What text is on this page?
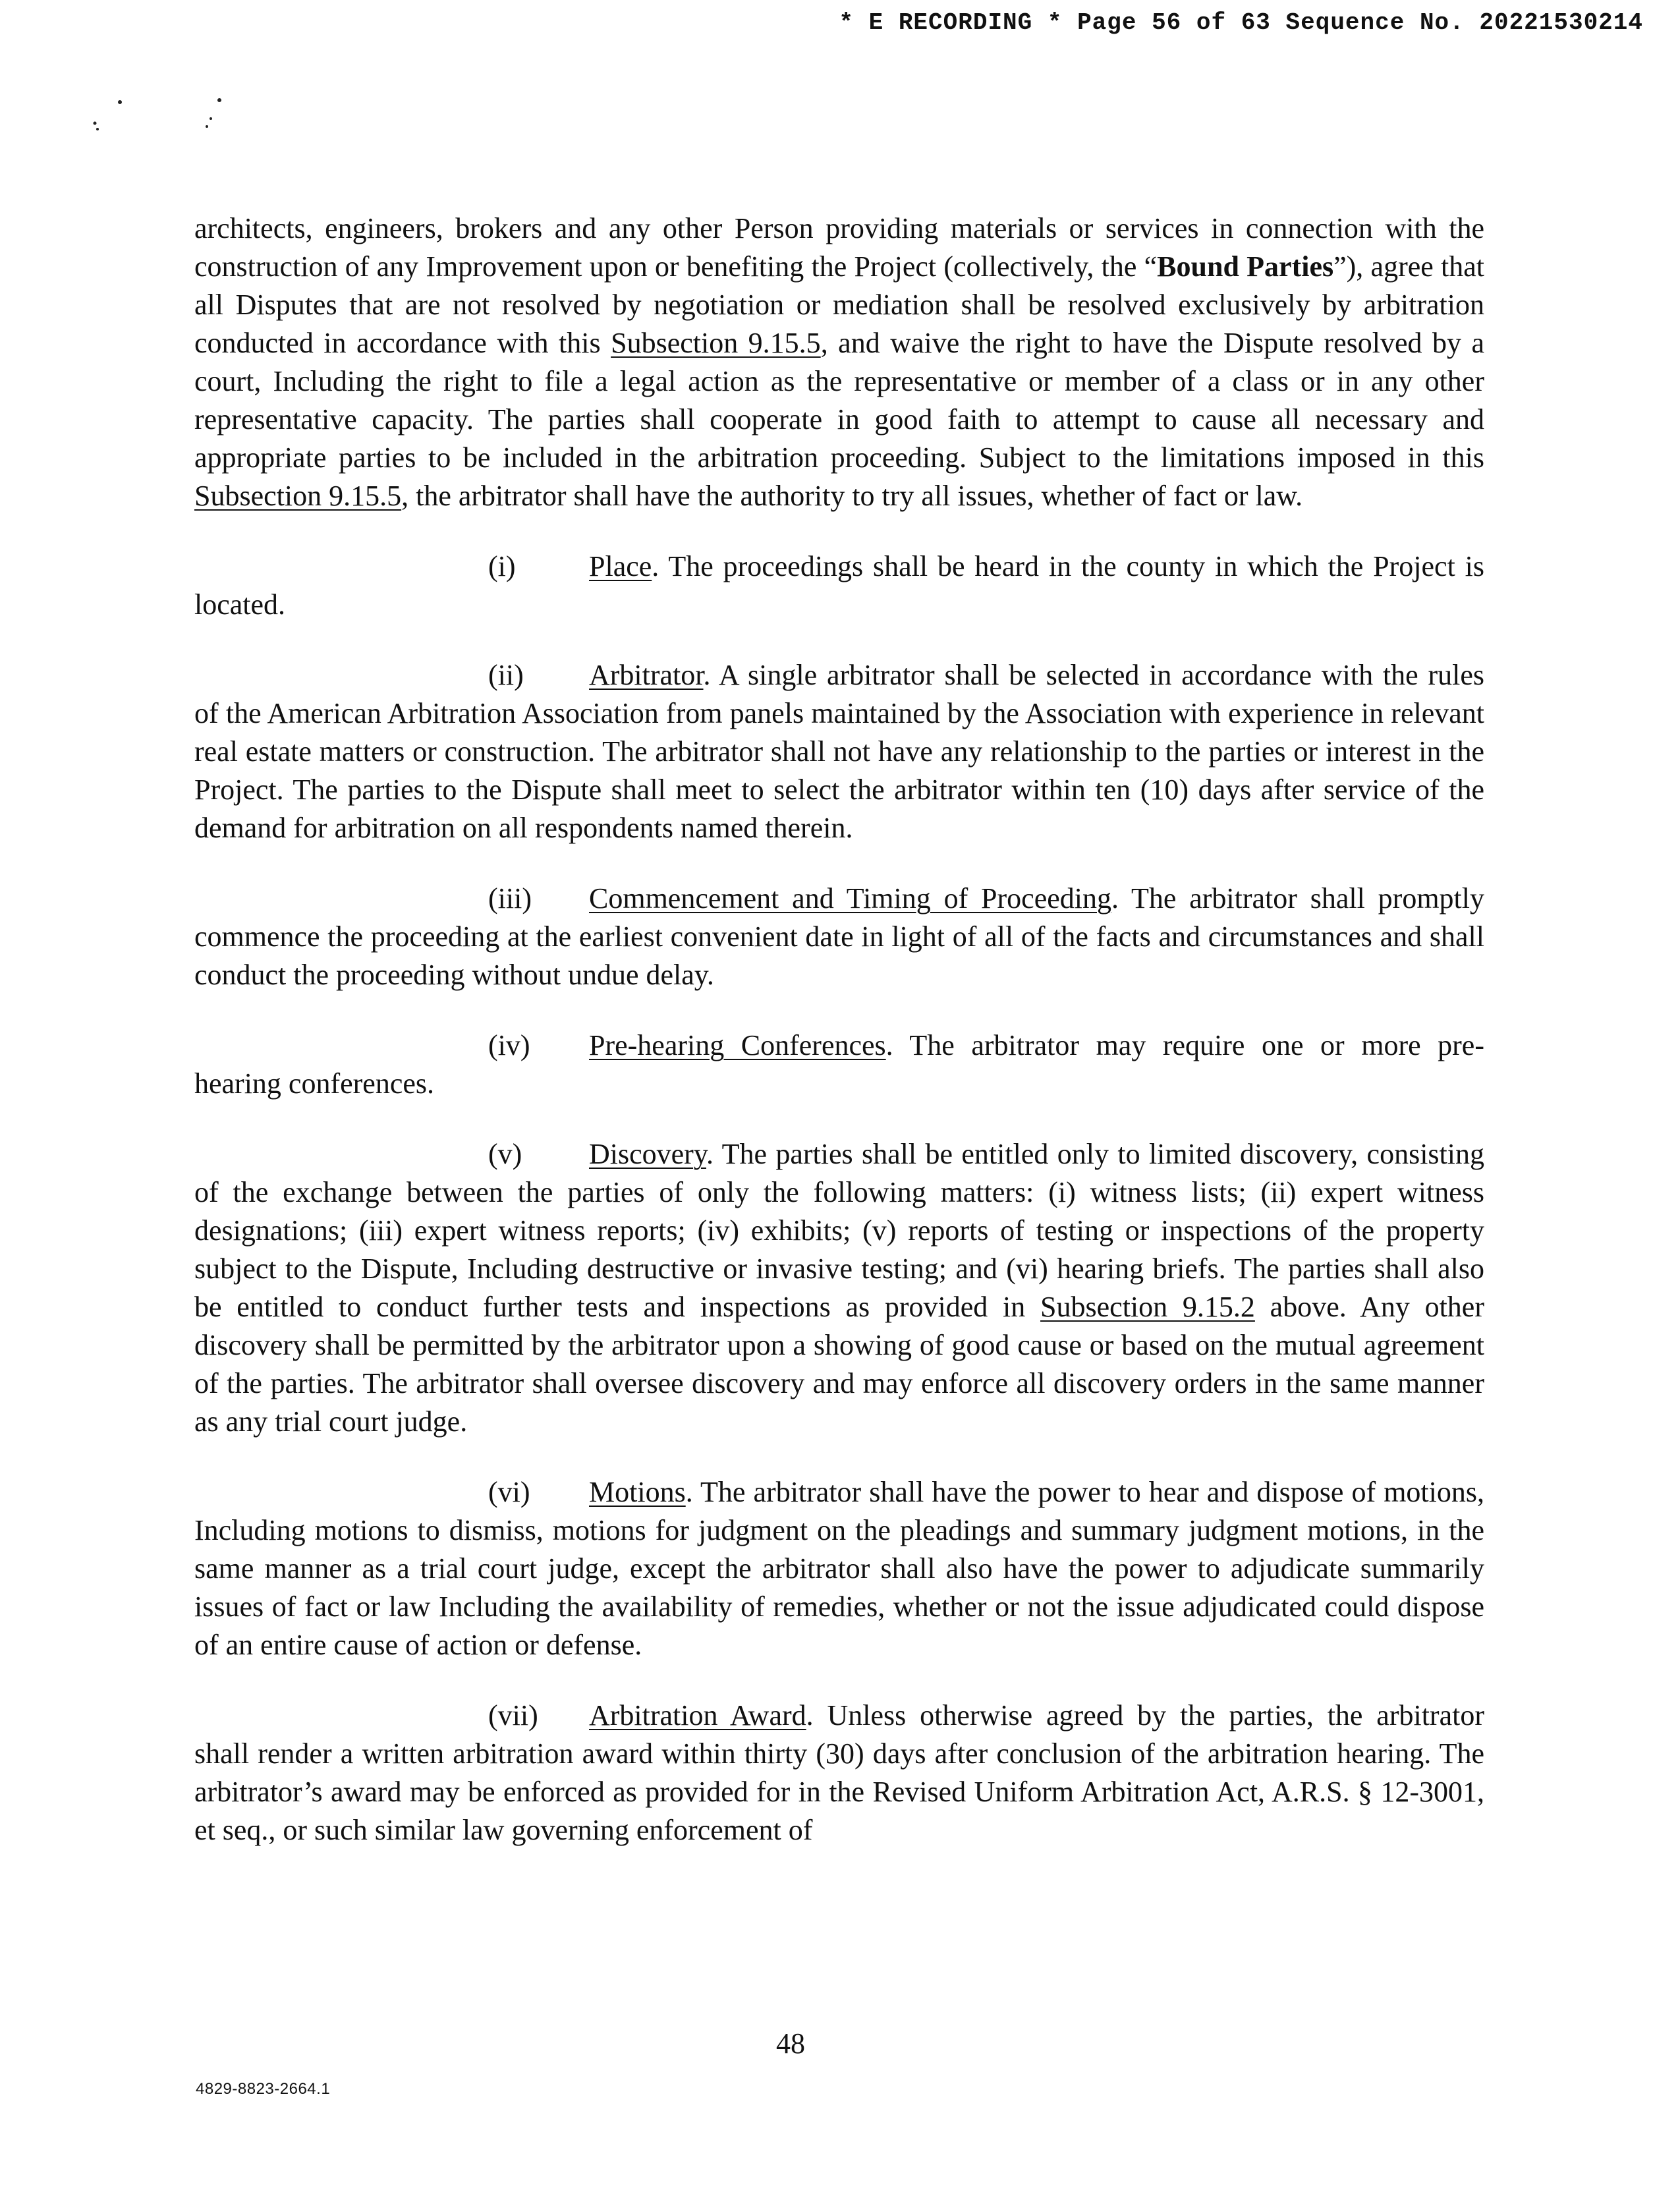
* E RECORDING * Page 56 of 63 Sequence No. 20221530214

architects, engineers, brokers and any other Person providing materials or services in connection with the construction of any Improvement upon or benefiting the Project (collectively, the “Bound Parties”), agree that all Disputes that are not resolved by negotiation or mediation shall be resolved exclusively by arbitration conducted in accordance with this Subsection 9.15.5, and waive the right to have the Dispute resolved by a court, Including the right to file a legal action as the representative or member of a class or in any other representative capacity. The parties shall cooperate in good faith to attempt to cause all necessary and appropriate parties to be included in the arbitration proceeding. Subject to the limitations imposed in this Subsection 9.15.5, the arbitrator shall have the authority to try all issues, whether of fact or law.

(i)	Place. The proceedings shall be heard in the county in which the Project is located.

(ii) Arbitrator. A single arbitrator shall be selected in accordance with the rules of the American Arbitration Association from panels maintained by the Association with experience in relevant real estate matters or construction. The arbitrator shall not have any relationship to the parties or interest in the Project. The parties to the Dispute shall meet to select the arbitrator within ten (10) days after service of the demand for arbitration on all respondents named therein.

(iii) Commencement and Timing of Proceeding. The arbitrator shall promptly commence the proceeding at the earliest convenient date in light of all of the facts and circumstances and shall conduct the proceeding without undue delay.

(iv) Pre-hearing Conferences. The arbitrator may require one or more pre-hearing conferences.

(v) Discovery. The parties shall be entitled only to limited discovery, consisting of the exchange between the parties of only the following matters: (i) witness lists; (ii) expert witness designations; (iii) expert witness reports; (iv) exhibits; (v) reports of testing or inspections of the property subject to the Dispute, Including destructive or invasive testing; and (vi) hearing briefs. The parties shall also be entitled to conduct further tests and inspections as provided in Subsection 9.15.2 above. Any other discovery shall be permitted by the arbitrator upon a showing of good cause or based on the mutual agreement of the parties. The arbitrator shall oversee discovery and may enforce all discovery orders in the same manner as any trial court judge.

(vi) Motions. The arbitrator shall have the power to hear and dispose of motions, Including motions to dismiss, motions for judgment on the pleadings and summary judgment motions, in the same manner as a trial court judge, except the arbitrator shall also have the power to adjudicate summarily issues of fact or law Including the availability of remedies, whether or not the issue adjudicated could dispose of an entire cause of action or defense.

(vii) Arbitration Award. Unless otherwise agreed by the parties, the arbitrator shall render a written arbitration award within thirty (30) days after conclusion of the arbitration hearing. The arbitrator’s award may be enforced as provided for in the Revised Uniform Arbitration Act, A.R.S. § 12-3001, et seq., or such similar law governing enforcement of

48
4829-8823-2664.1
